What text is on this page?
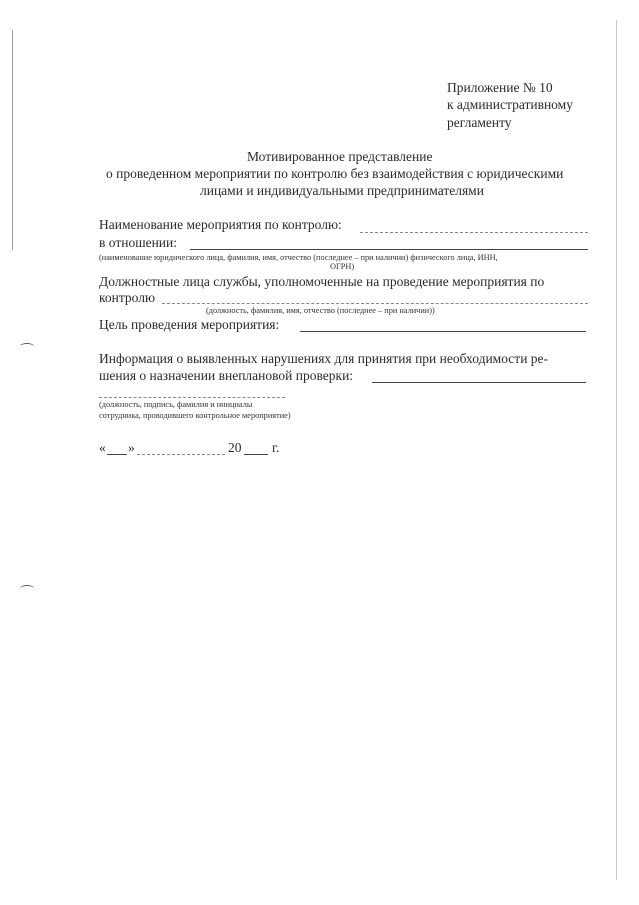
Приложение № 10
к административному
регламенту
Мотивированное представление
о проведенном мероприятии по контролю без взаимодействия с юридическими
лицами и индивидуальными предпринимателями
Наименование мероприятия по контролю:
в отношении:
(наименование юридического лица, фамилия, имя, отчество (последнее – при наличии) физического лица, ИНН,
ОГРН)
Должностные лица службы, уполномоченные на проведение мероприятия по
контролю
(должность, фамилия, имя, отчество (последнее – при наличии))
Цель проведения мероприятия:
Информация о выявленных нарушениях для принятия при необходимости ре-
шения о назначении внеплановой проверки:
(должность, подпись, фамилия и инициалы
сотрудника, проводившего контрольное мероприятие)
« »	20 г.
